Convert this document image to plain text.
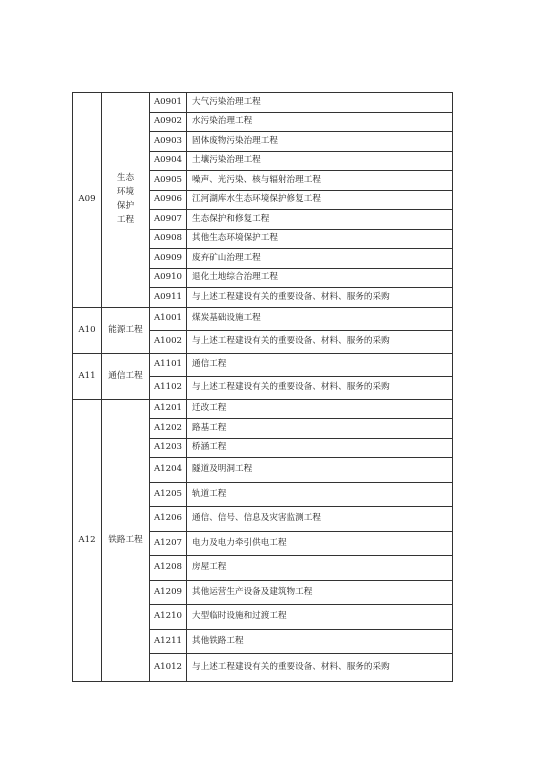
A09	生态
环境
保护
工程	A0901	大气污染治理工程
		A0902	水污染治理工程
		A0903	固体废物污染治理工程
		A0904	土壤污染治理工程
		A0905	噪声、光污染、核与辐射治理工程
		A0906	江河湖库水生态环境保护修复工程
		A0907	生态保护和修复工程
		A0908	其他生态环境保护工程
		A0909	废弃矿山治理工程
		A0910	退化土地综合治理工程
		A0911	与上述工程建设有关的重要设备、材料、服务的采购
A10	能源工程	A1001	煤炭基础设施工程
		A1002	与上述工程建设有关的重要设备、材料、服务的采购
A11	通信工程	A1101	通信工程
		A1102	与上述工程建设有关的重要设备、材料、服务的采购
A12	铁路工程	A1201	迁改工程
		A1202	路基工程
		A1203	桥涵工程
		A1204	隧道及明洞工程
		A1205	轨道工程
		A1206	通信、信号、信息及灾害监测工程
		A1207	电力及电力牵引供电工程
		A1208	房屋工程
		A1209	其他运营生产设备及建筑物工程
		A1210	大型临时设施和过渡工程
		A1211	其他铁路工程
		A1012	与上述工程建设有关的重要设备、材料、服务的采购
